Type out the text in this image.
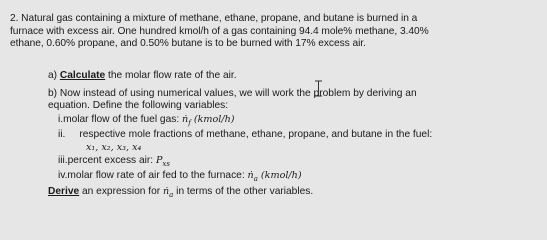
2. Natural gas containing a mixture of methane, ethane, propane, and butane is burned in a
furnace with excess air. One hundred kmol/h of a gas containing 94.4 mole% methane, 3.40%
ethane, 0.60% propane, and 0.50% butane is to be burned with 17% excess air.
a) Calculate the molar flow rate of the air.
b) Now instead of using numerical values, we will work the problem by deriving an
equation. Define the following variables:
i.molar flow of the fuel gas: ṅ$_f$ (kmol/h)
ii. respective mole fractions of methane, ethane, propane, and butane in the fuel:
x₁, x₂, x₃, x₄
iii.percent excess air: $P_{xs}$
iv.molar flow rate of air fed to the furnace: ṅ$_a$ (kmol/h)
Derive an expression for ṅ$_a$ in terms of the other variables.
